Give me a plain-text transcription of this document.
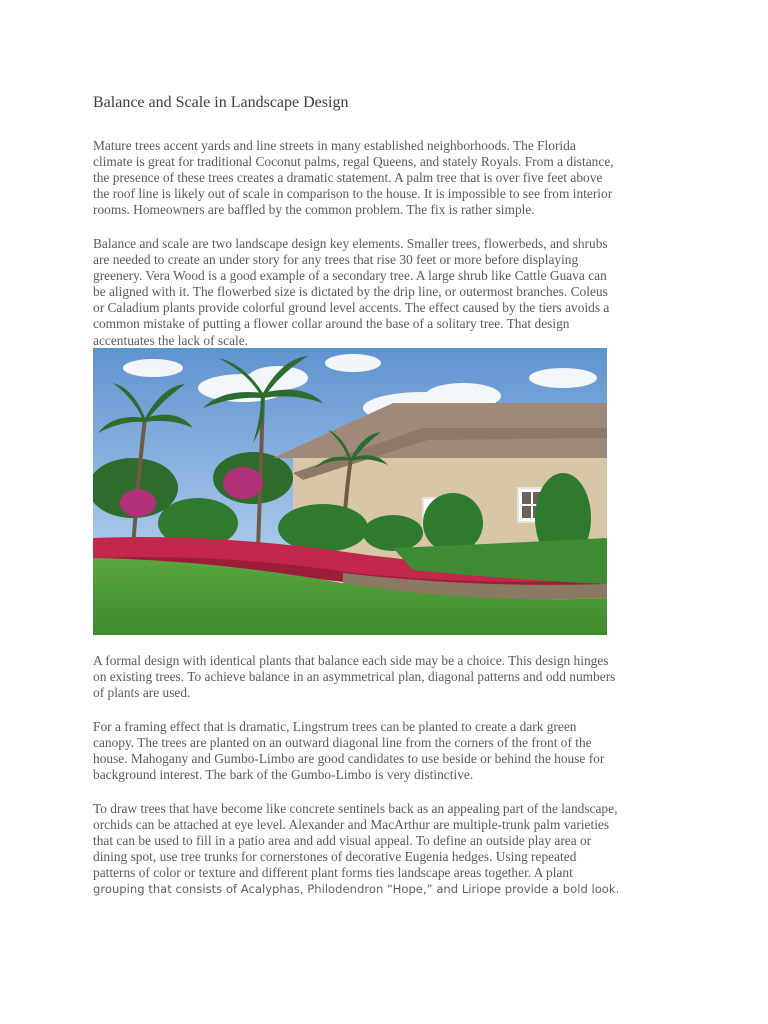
Balance and Scale in Landscape Design
Mature trees accent yards and line streets in many established neighborhoods. The Florida
climate is great for traditional Coconut palms, regal Queens, and stately Royals. From a distance,
the presence of these trees creates a dramatic statement. A palm tree that is over five feet above
the roof line is likely out of scale in comparison to the house. It is impossible to see from interior
rooms. Homeowners are baffled by the common problem. The fix is rather simple.
Balance and scale are two landscape design key elements. Smaller trees, flowerbeds, and shrubs
are needed to create an under story for any trees that rise 30 feet or more before displaying
greenery. Vera Wood is a good example of a secondary tree. A large shrub like Cattle Guava can
be aligned with it. The flowerbed size is dictated by the drip line, or outermost branches. Coleus
or Caladium plants provide colorful ground level accents. The effect caused by the tiers avoids a
common mistake of putting a flower collar around the base of a solitary tree. That design
accentuates the lack of scale.
A formal design with identical plants that balance each side may be a choice. This design hinges
on existing trees. To achieve balance in an asymmetrical plan, diagonal patterns and odd numbers
of plants are used.
For a framing effect that is dramatic, Lingstrum trees can be planted to create a dark green
canopy. The trees are planted on an outward diagonal line from the corners of the front of the
house. Mahogany and Gumbo-Limbo are good candidates to use beside or behind the house for
background interest. The bark of the Gumbo-Limbo is very distinctive.
To draw trees that have become like concrete sentinels back as an appealing part of the landscape,
orchids can be attached at eye level. Alexander and MacArthur are multiple-trunk palm varieties
that can be used to fill in a patio area and add visual appeal. To define an outside play area or
dining spot, use tree trunks for cornerstones of decorative Eugenia hedges. Using repeated
patterns of color or texture and different plant forms ties landscape areas together. A plant
grouping that consists of Acalyphas, Philodendron “Hope,” and Liriope provide a bold look.
